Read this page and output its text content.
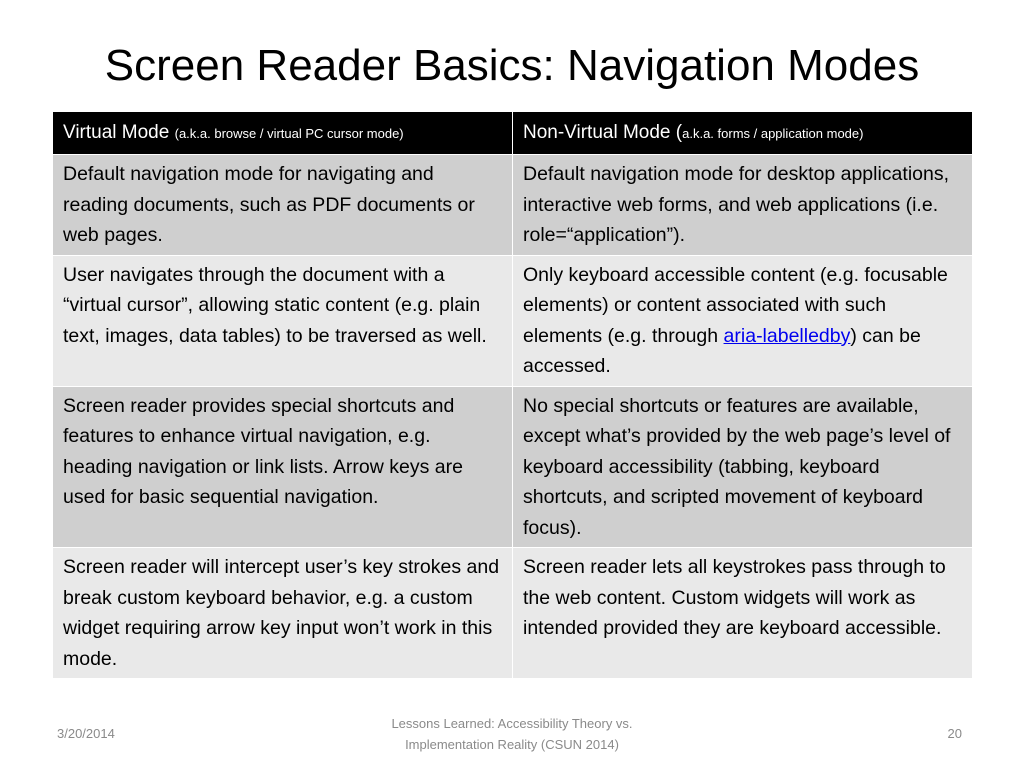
Screen Reader Basics: Navigation Modes
Virtual Mode (a.k.a. browse / virtual PC cursor mode)	Non-Virtual Mode (a.k.a. forms / application mode)
Default navigation mode for navigating and reading documents, such as PDF documents or web pages.	Default navigation mode for desktop applications, interactive web forms, and web applications (i.e. role=“application”).
User navigates through the document with a “virtual cursor”, allowing static content (e.g. plain text, images, data tables) to be traversed as well.	Only keyboard accessible content (e.g. focusable elements) or content associated with such elements (e.g. through aria-labelledby) can be accessed.
Screen reader provides special shortcuts and features to enhance virtual navigation, e.g. heading navigation or link lists. Arrow keys are used for basic sequential navigation.	No special shortcuts or features are available, except what’s provided by the web page’s level of keyboard accessibility (tabbing, keyboard shortcuts, and scripted movement of keyboard focus).
Screen reader will intercept user’s key strokes and break custom keyboard behavior, e.g. a custom widget requiring arrow key input won’t work in this mode.	Screen reader lets all keystrokes pass through to the web content. Custom widgets will work as intended provided they are keyboard accessible.
3/20/2014
Lessons Learned: Accessibility Theory vs.
Implementation Reality (CSUN 2014)
20
